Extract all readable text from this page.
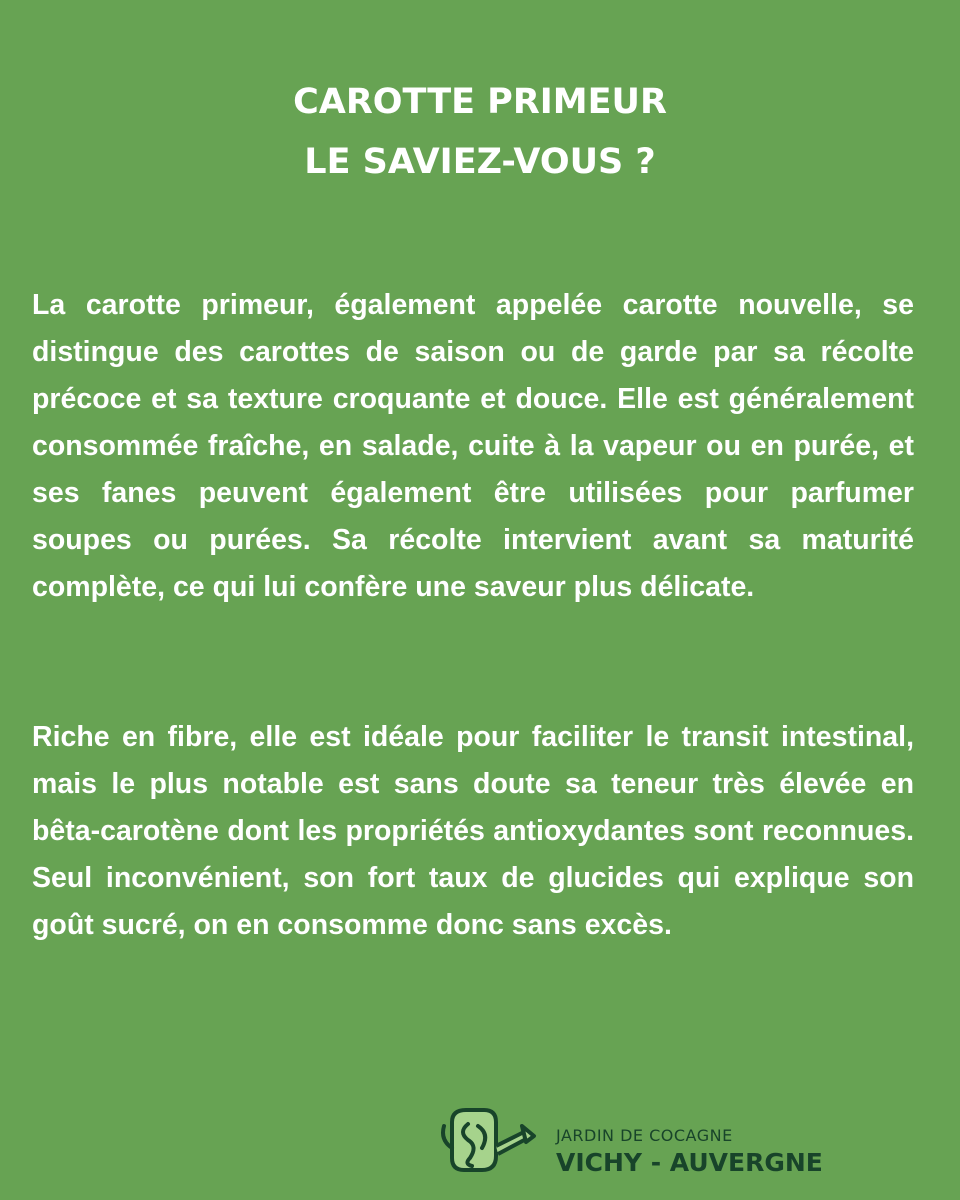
CAROTTE PRIMEUR
LE SAVIEZ-VOUS ?

La carotte primeur, également appelée carotte nouvelle, se distingue des carottes de saison ou de garde par sa récolte précoce et sa texture croquante et douce. Elle est généralement consommée fraîche, en salade, cuite à la vapeur ou en purée, et ses fanes peuvent également être utilisées pour parfumer soupes ou purées. Sa récolte intervient avant sa maturité complète, ce qui lui confère une saveur plus délicate.

Riche en fibre, elle est idéale pour faciliter le transit intestinal, mais le plus notable est sans doute sa teneur très élevée en bêta-carotène dont les propriétés antioxydantes sont reconnues. Seul inconvénient, son fort taux de glucides qui explique son goût sucré, on en consomme donc sans excès.

JARDIN DE COCAGNE
VICHY - AUVERGNE
